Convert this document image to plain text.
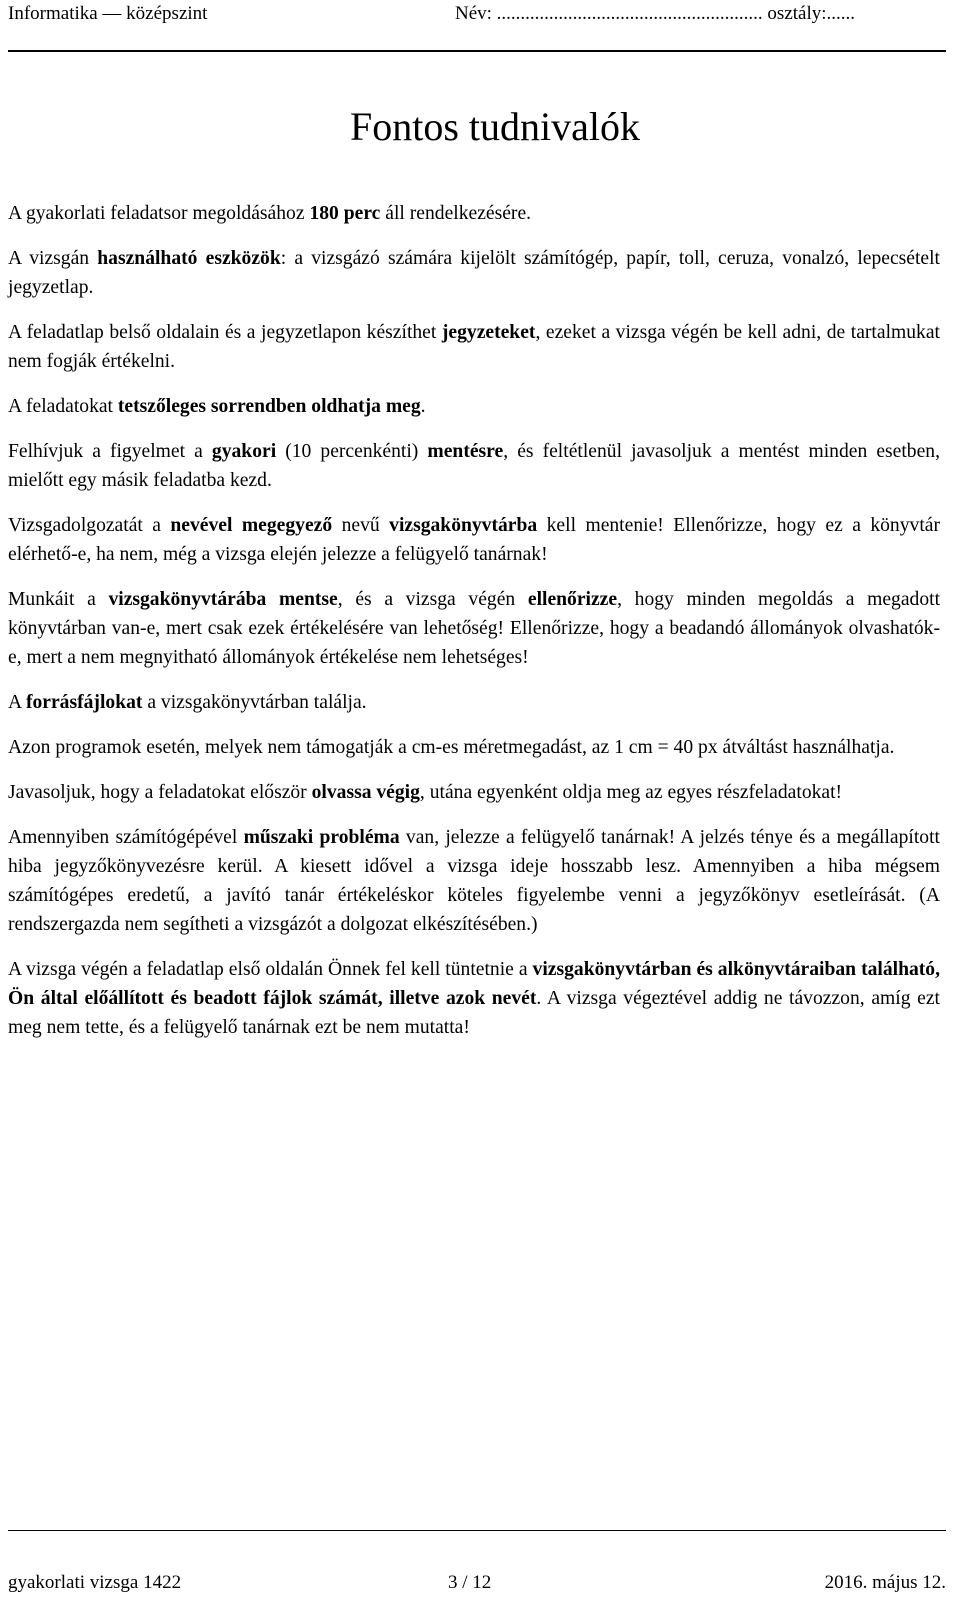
Informatika — középszint	Név: ........................................................ osztály:......
Fontos tudnivalók

A gyakorlati feladatsor megoldásához 180 perc áll rendelkezésére.

A vizsgán használható eszközök: a vizsgázó számára kijelölt számítógép, papír, toll, ceruza, vonalzó, lepecsételt jegyzetlap.

A feladatlap belső oldalain és a jegyzetlapon készíthet jegyzeteket, ezeket a vizsga végén be kell adni, de tartalmukat nem fogják értékelni.

A feladatokat tetszőleges sorrendben oldhatja meg.

Felhívjuk a figyelmet a gyakori (10 percenkénti) mentésre, és feltétlenül javasoljuk a mentést minden esetben, mielőtt egy másik feladatba kezd.

Vizsgadolgozatát a nevével megegyező nevű vizsgakönyvtárba kell mentenie! Ellenőrizze, hogy ez a könyvtár elérhető-e, ha nem, még a vizsga elején jelezze a felügyelő tanárnak!

Munkáit a vizsgakönyvtárába mentse, és a vizsga végén ellenőrizze, hogy minden megoldás a megadott könyvtárban van-e, mert csak ezek értékelésére van lehetőség! Ellenőrizze, hogy a beadandó állományok olvashatók-e, mert a nem megnyitható állományok értékelése nem lehetséges!

A forrásfájlokat a vizsgakönyvtárban találja.

Azon programok esetén, melyek nem támogatják a cm-es méretmegadást, az 1 cm = 40 px átváltást használhatja.

Javasoljuk, hogy a feladatokat először olvassa végig, utána egyenként oldja meg az egyes részfeladatokat!

Amennyiben számítógépével műszaki probléma van, jelezze a felügyelő tanárnak! A jelzés ténye és a megállapított hiba jegyzőkönyvezésre kerül. A kiesett idővel a vizsga ideje hosszabb lesz. Amennyiben a hiba mégsem számítógépes eredetű, a javító tanár értékeléskor köteles figyelembe venni a jegyzőkönyv esetleírását. (A rendszergazda nem segítheti a vizsgázót a dolgozat elkészítésében.)

A vizsga végén a feladatlap első oldalán Önnek fel kell tüntetnie a vizsgakönyvtárban és alkönyvtáraiban található, Ön által előállított és beadott fájlok számát, illetve azok nevét. A vizsga végeztével addig ne távozzon, amíg ezt meg nem tette, és a felügyelő tanárnak ezt be nem mutatta!

gyakorlati vizsga 1422	3 / 12	2016. május 12.
